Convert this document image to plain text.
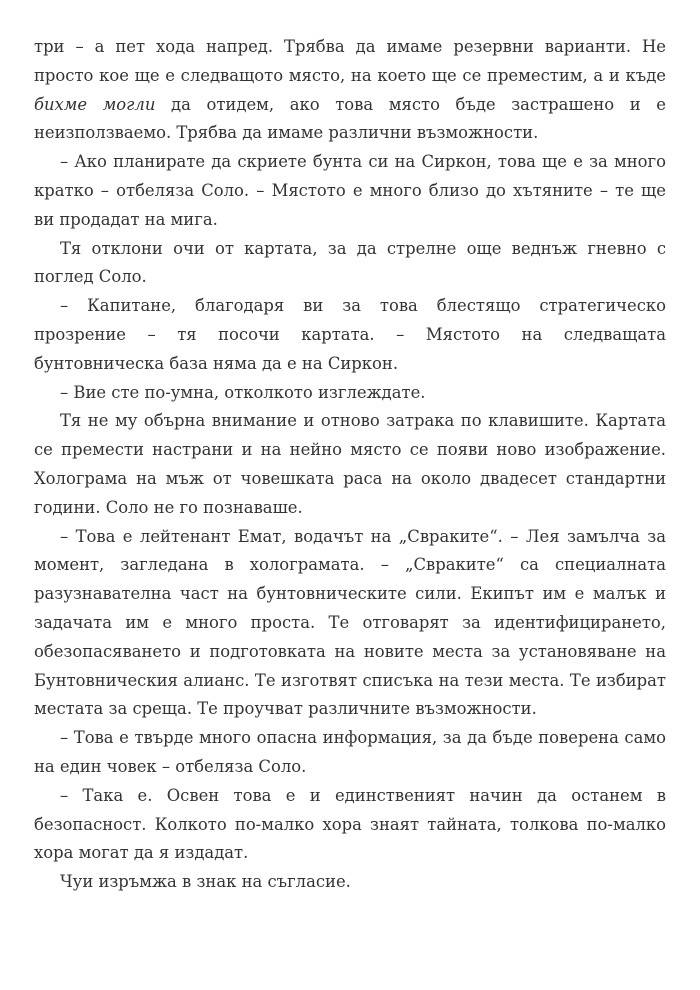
три – а пет хода напред. Трябва да имаме резервни варианти. Не просто кое ще е следващото място, на което ще се преместим, а и къде бихме могли да отидем, ако това място бъде застрашено и е неизползваемо. Трябва да имаме различни възможности.

– Ако планирате да скриете бунта си на Сиркон, това ще е за много кратко – отбеляза Соло. – Мястото е много близо до хътяните – те ще ви продадат на мига.

Тя отклони очи от картата, за да стрелне още веднъж гневно с поглед Соло.

– Капитане, благодаря ви за това блестящо стратегическо прозрение – тя посочи картата. – Мястото на следващата бунтовническа база няма да е на Сиркон.

– Вие сте по-умна, отколкото изглеждате.

Тя не му обърна внимание и отново затрака по клавишите. Картата се премести настрани и на нейно място се появи ново изображение. Холограма на мъж от човешката раса на около двадесет стандартни години. Соло не го познаваше.

– Това е лейтенант Емат, водачът на „Свраките“. – Лея замълча за момент, загледана в холограмата. – „Свраките“ са специалната разузнавателна част на бунтовническите сили. Екипът им е малък и задачата им е много проста. Те отговарят за идентифицирането, обезопасяването и подготовката на новите места за установяване на Бунтовническия алианс. Те изготвят списъка на тези места. Те избират местата за среща. Те проучват различните възможности.

– Това е твърде много опасна информация, за да бъде поверена само на един човек – отбеляза Соло.

– Така е. Освен това е и единственият начин да останем в безопасност. Колкото по-малко хора знаят тайната, толкова по-малко хора могат да я издадат.

Чуи изръмжа в знак на съгласие.
